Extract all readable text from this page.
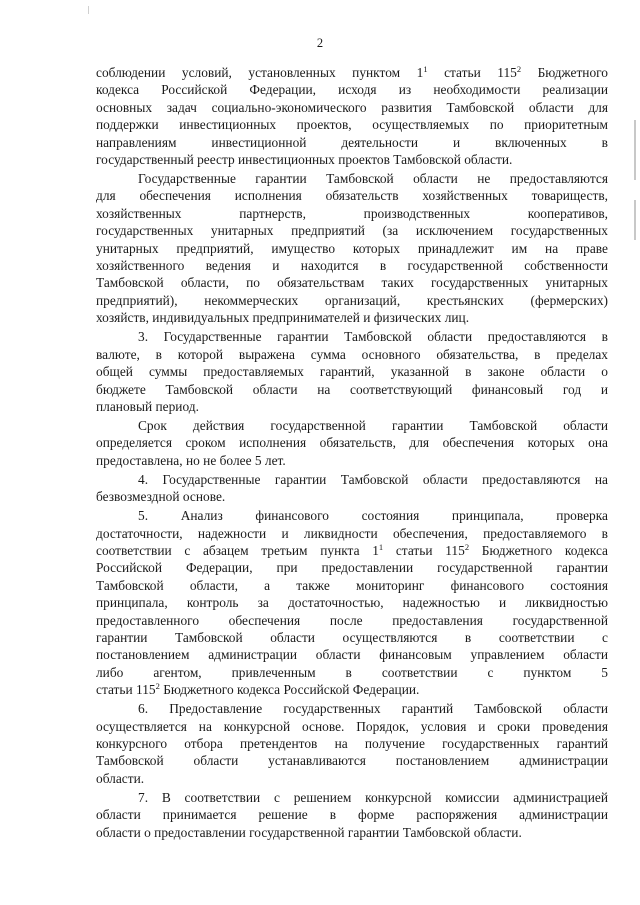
2
соблюдении условий, установленных пунктом $1^1$ статьи $115^2$ Бюджетного
кодекса Российской Федерации, исходя из необходимости реализации
основных задач социально-экономического развития Тамбовской области для
поддержки инвестиционных проектов, осуществляемых по приоритетным
направлениям инвестиционной деятельности и включенных в
государственный реестр инвестиционных проектов Тамбовской области.
Государственные гарантии Тамбовской области не предоставляются
для обеспечения исполнения обязательств хозяйственных товариществ,
хозяйственных партнерств, производственных кооперативов,
государственных унитарных предприятий (за исключением государственных
унитарных предприятий, имущество которых принадлежит им на праве
хозяйственного ведения и находится в государственной собственности
Тамбовской области, по обязательствам таких государственных унитарных
предприятий), некоммерческих организаций, крестьянских (фермерских)
хозяйств, индивидуальных предпринимателей и физических лиц.
3. Государственные гарантии Тамбовской области предоставляются в
валюте, в которой выражена сумма основного обязательства, в пределах
общей суммы предоставляемых гарантий, указанной в законе области о
бюджете Тамбовской области на соответствующий финансовый год и
плановый период.
Срок действия государственной гарантии Тамбовской области
определяется сроком исполнения обязательств, для обеспечения которых она
предоставлена, но не более 5 лет.
4. Государственные гарантии Тамбовской области предоставляются на
безвозмездной основе.
5. Анализ финансового состояния принципала, проверка
достаточности, надежности и ликвидности обеспечения, предоставляемого в
соответствии с абзацем третьим пункта $1^1$ статьи $115^2$ Бюджетного кодекса
Российской Федерации, при предоставлении государственной гарантии
Тамбовской области, а также мониторинг финансового состояния
принципала, контроль за достаточностью, надежностью и ликвидностью
предоставленного обеспечения после предоставления государственной
гарантии Тамбовской области осуществляются в соответствии с
постановлением администрации области финансовым управлением области
либо агентом, привлеченным в соответствии с пунктом 5
статьи $115^2$ Бюджетного кодекса Российской Федерации.
6. Предоставление государственных гарантий Тамбовской области
осуществляется на конкурсной основе. Порядок, условия и сроки проведения
конкурсного отбора претендентов на получение государственных гарантий
Тамбовской области устанавливаются постановлением администрации
области.
7. В соответствии с решением конкурсной комиссии администрацией
области принимается решение в форме распоряжения администрации
области о предоставлении государственной гарантии Тамбовской области.
